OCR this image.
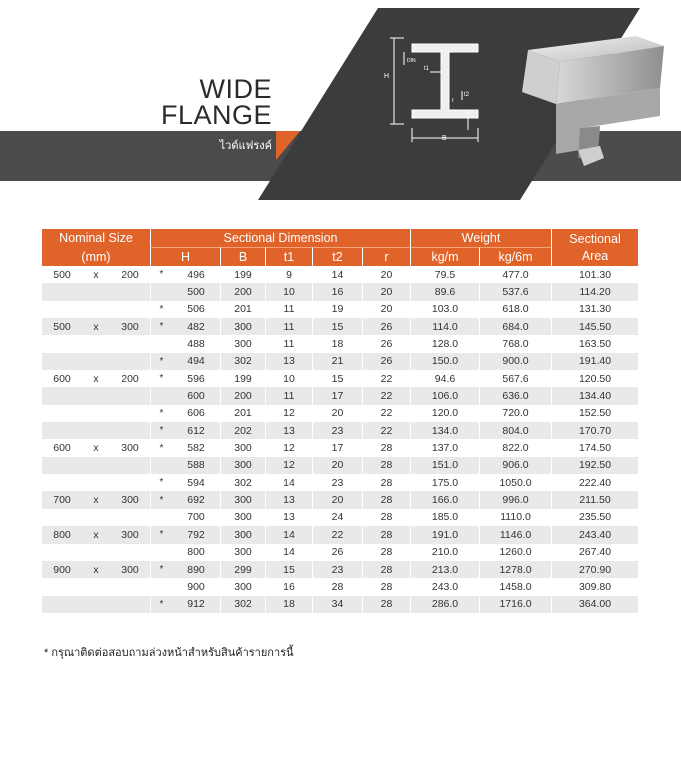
H
B
t1
t2
r
DIN
WIDE
FLANGE
ไวด์แฟรงค์
Nominal Size			Sectional Dimension						Weight		Sectional
Area
(mm)			H		B	t1	t2	r	kg/m	kg/6m	
500	x	200	*	496	199	9	14	20	79.5	477.0	101.30
				500	200	10	16	20	89.6	537.6	114.20
			*	506	201	11	19	20	103.0	618.0	131.30
500	x	300	*	482	300	11	15	26	114.0	684.0	145.50
				488	300	11	18	26	128.0	768.0	163.50
			*	494	302	13	21	26	150.0	900.0	191.40
600	x	200	*	596	199	10	15	22	94.6	567.6	120.50
				600	200	11	17	22	106.0	636.0	134.40
			*	606	201	12	20	22	120.0	720.0	152.50
			*	612	202	13	23	22	134.0	804.0	170.70
600	x	300	*	582	300	12	17	28	137.0	822.0	174.50
				588	300	12	20	28	151.0	906.0	192.50
			*	594	302	14	23	28	175.0	1050.0	222.40
700	x	300	*	692	300	13	20	28	166.0	996.0	211.50
				700	300	13	24	28	185.0	1110.0	235.50
800	x	300	*	792	300	14	22	28	191.0	1146.0	243.40
				800	300	14	26	28	210.0	1260.0	267.40
900	x	300	*	890	299	15	23	28	213.0	1278.0	270.90
				900	300	16	28	28	243.0	1458.0	309.80
			*	912	302	18	34	28	286.0	1716.0	364.00
* กรุณาติดต่อสอบถามล่วงหน้าสำหรับสินค้ารายการนี้
